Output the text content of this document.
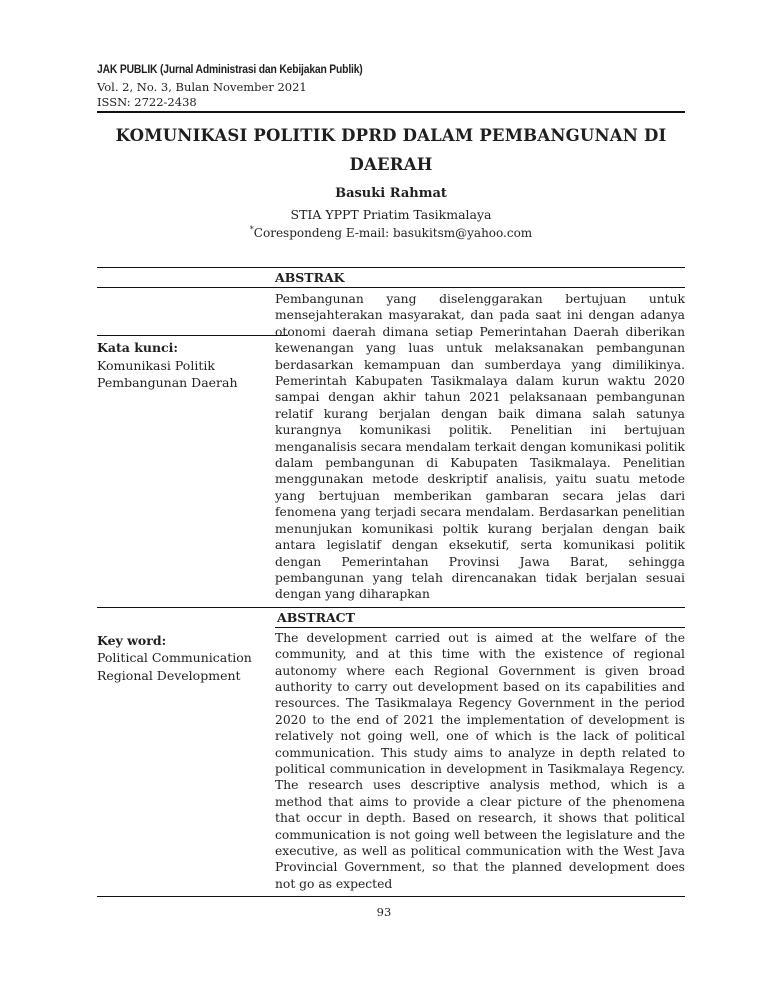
JAK PUBLIK (Jurnal Administrasi dan Kebijakan Publik)
Vol. 2, No. 3, Bulan November 2021
ISSN: 2722-2438
KOMUNIKASI POLITIK DPRD DALAM PEMBANGUNAN DI DAERAH
Basuki Rahmat
STIA YPPT Priatim Tasikmalaya
*Corespondeng E-mail: basukitsm@yahoo.com
ABSTRAK
Kata kunci:
Komunikasi Politik
Pembangunan Daerah
Pembangunan yang diselenggarakan bertujuan untuk mensejahterakan masyarakat, dan pada saat ini dengan adanya otonomi daerah dimana setiap Pemerintahan Daerah diberikan kewenangan yang luas untuk melaksanakan pembangunan berdasarkan kemampuan dan sumberdaya yang dimilikinya. Pemerintah Kabupaten Tasikmalaya dalam kurun waktu 2020 sampai dengan akhir tahun 2021 pelaksanaan pembangunan relatif kurang berjalan dengan baik dimana salah satunya kurangnya komunikasi politik. Penelitian ini bertujuan menganalisis secara mendalam terkait dengan komunikasi politik dalam pembangunan di Kabupaten Tasikmalaya. Penelitian menggunakan metode deskriptif analisis, yaitu suatu metode yang bertujuan memberikan gambaran secara jelas dari fenomena yang terjadi secara mendalam. Berdasarkan penelitian menunjukan komunikasi poltik kurang berjalan dengan baik antara legislatif dengan eksekutif, serta komunikasi politik dengan Pemerintahan Provinsi Jawa Barat, sehingga pembangunan yang telah direncanakan tidak berjalan sesuai dengan yang diharapkan
ABSTRACT
Key word:
Political Communication
Regional Development
The development carried out is aimed at the welfare of the community, and at this time with the existence of regional autonomy where each Regional Government is given broad authority to carry out development based on its capabilities and resources. The Tasikmalaya Regency Government in the period 2020 to the end of 2021 the implementation of development is relatively not going well, one of which is the lack of political communication. This study aims to analyze in depth related to political communication in development in Tasikmalaya Regency. The research uses descriptive analysis method, which is a method that aims to provide a clear picture of the phenomena that occur in depth. Based on research, it shows that political communication is not going well between the legislature and the executive, as well as political communication with the West Java Provincial Government, so that the planned development does not go as expected
93
